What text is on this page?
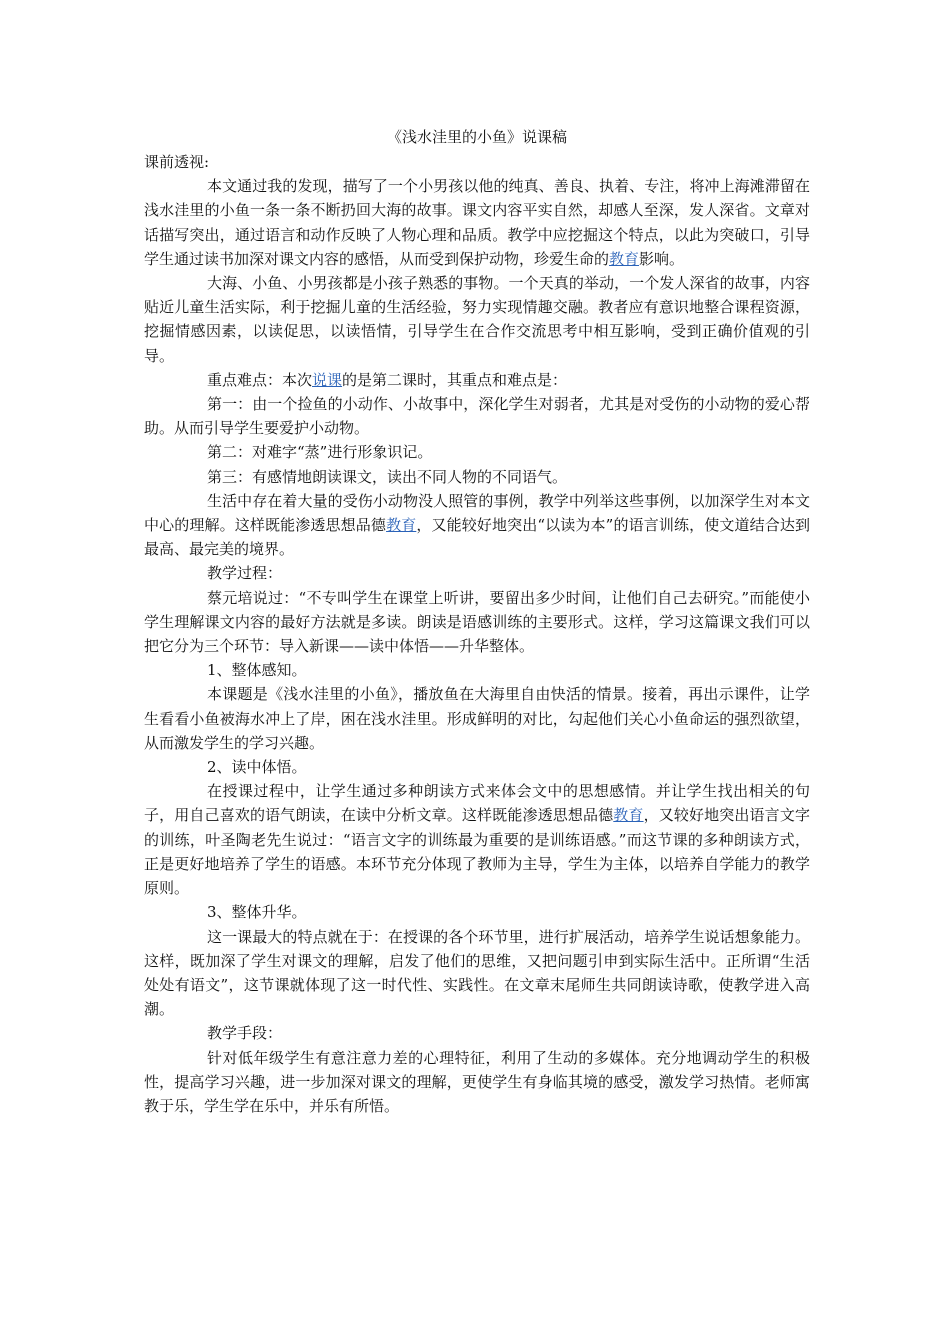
《浅水洼里的小鱼》说课稿
课前透视:

本文通过我的发现，描写了一个小男孩以他的纯真、善良、执着、专注，将冲上海滩滞留在浅水洼里的小鱼一条一条不断扔回大海的故事。课文内容平实自然，却感人至深，发人深省。文章对话描写突出，通过语言和动作反映了人物心理和品质。教学中应挖掘这个特点，以此为突破口，引导学生通过读书加深对课文内容的感悟，从而受到保护动物，珍爱生命的教育影响。

大海、小鱼、小男孩都是小孩子熟悉的事物。一个天真的举动，一个发人深省的故事，内容贴近儿童生活实际，利于挖掘儿童的生活经验，努力实现情趣交融。教者应有意识地整合课程资源，挖掘情感因素，以读促思，以读悟情，引导学生在合作交流思考中相互影响，受到正确价值观的引导。

重点难点：本次说课的是第二课时，其重点和难点是：

第一：由一个捡鱼的小动作、小故事中，深化学生对弱者，尤其是对受伤的小动物的爱心帮助。从而引导学生要爱护小动物。

第二：对难字“蒸”进行形象识记。

第三：有感情地朗读课文，读出不同人物的不同语气。

生活中存在着大量的受伤小动物没人照管的事例，教学中列举这些事例，以加深学生对本文中心的理解。这样既能渗透思想品德教育，又能较好地突出“以读为本”的语言训练，使文道结合达到最高、最完美的境界。

教学过程：

蔡元培说过：“不专叫学生在课堂上听讲，要留出多少时间，让他们自己去研究。”而能使小学生理解课文内容的最好方法就是多读。朗读是语感训练的主要形式。这样，学习这篇课文我们可以把它分为三个环节：导入新课——读中体悟——升华整体。

1、整体感知。

本课题是《浅水洼里的小鱼》，播放鱼在大海里自由快活的情景。接着，再出示课件，让学生看看小鱼被海水冲上了岸，困在浅水洼里。形成鲜明的对比，勾起他们关心小鱼命运的强烈欲望，从而激发学生的学习兴趣。

2、读中体悟。

在授课过程中，让学生通过多种朗读方式来体会文中的思想感情。并让学生找出相关的句子，用自己喜欢的语气朗读，在读中分析文章。这样既能渗透思想品德教育，又较好地突出语言文字的训练，叶圣陶老先生说过：“语言文字的训练最为重要的是训练语感。”而这节课的多种朗读方式，正是更好地培养了学生的语感。本环节充分体现了教师为主导，学生为主体，以培养自学能力的教学原则。

3、整体升华。

这一课最大的特点就在于：在授课的各个环节里，进行扩展活动，培养学生说话想象能力。这样，既加深了学生对课文的理解，启发了他们的思维，又把问题引申到实际生活中。正所谓“生活处处有语文”，这节课就体现了这一时代性、实践性。在文章末尾师生共同朗读诗歌，使教学进入高潮。

教学手段：

针对低年级学生有意注意力差的心理特征，利用了生动的多媒体。充分地调动学生的积极性，提高学习兴趣，进一步加深对课文的理解，更使学生有身临其境的感受，激发学习热情。老师寓教于乐，学生学在乐中，并乐有所悟。
